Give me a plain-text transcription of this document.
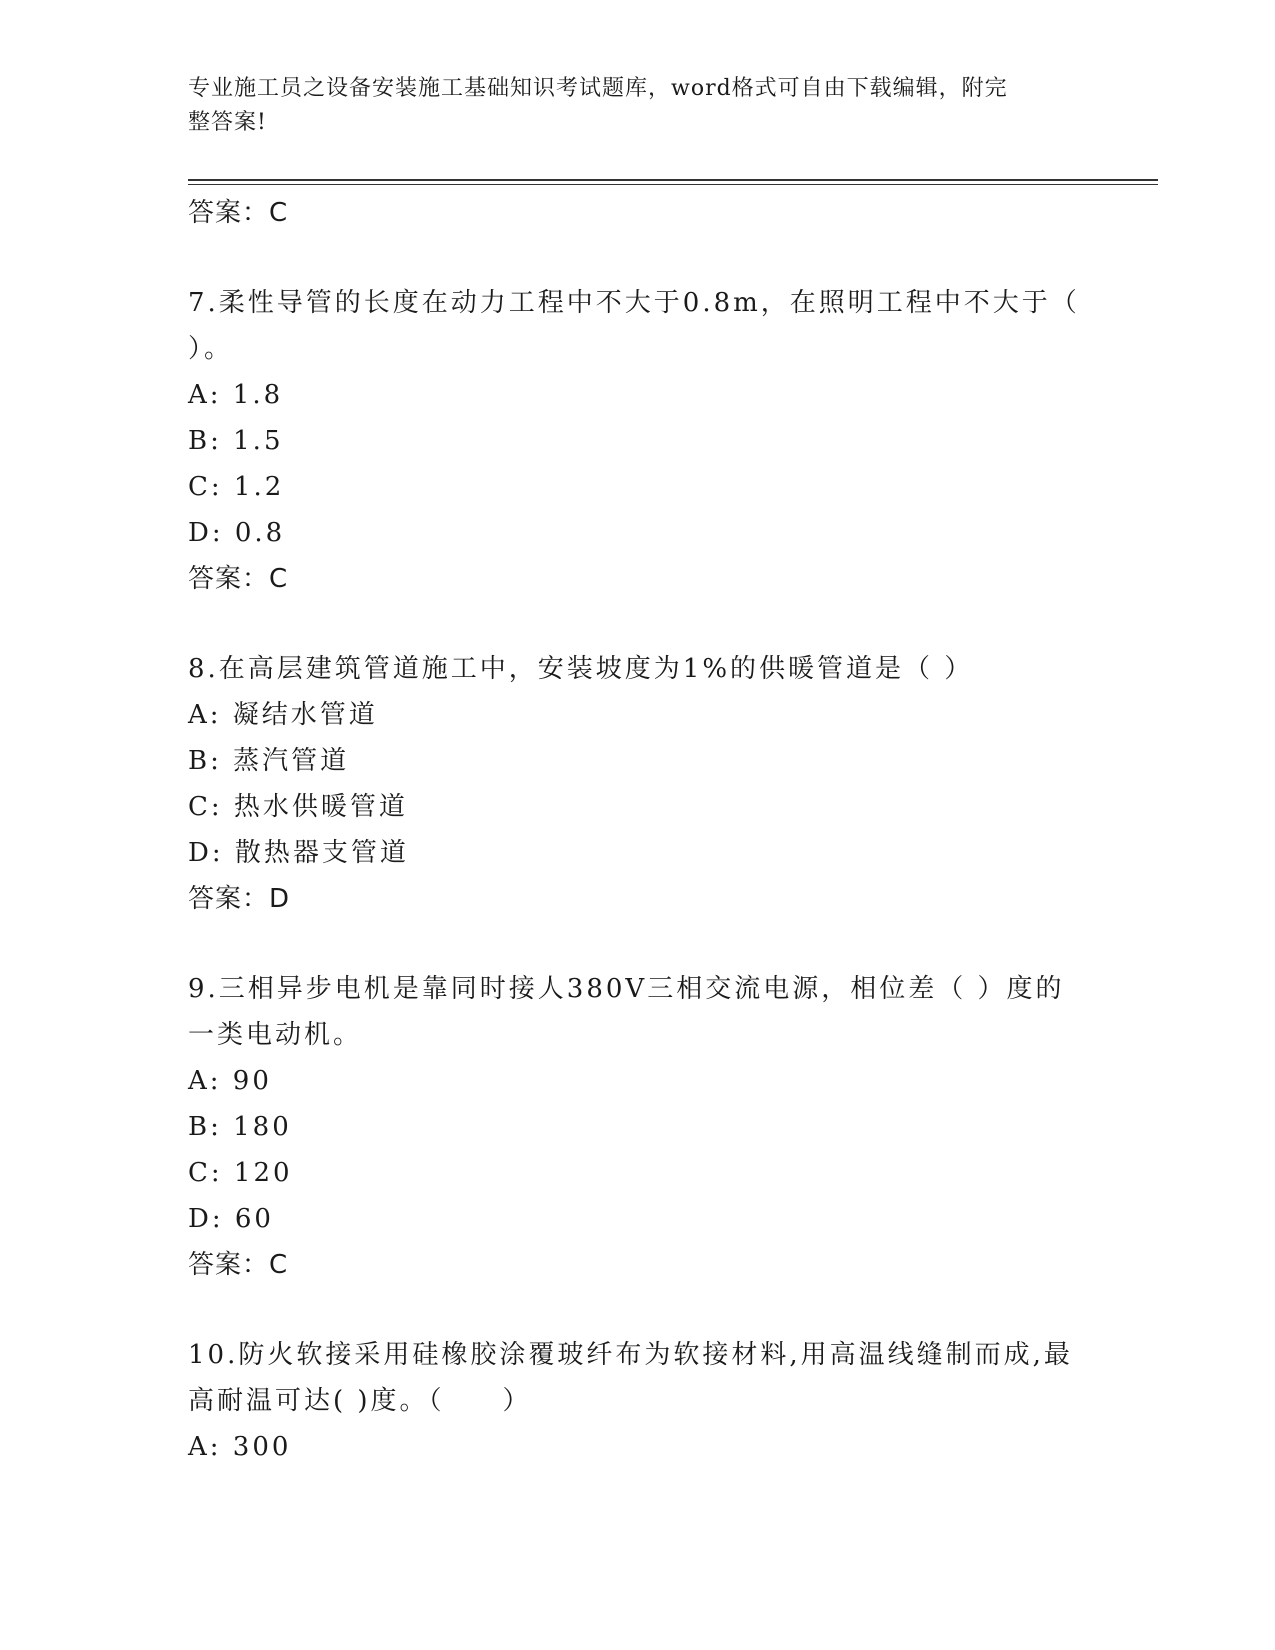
专业施工员之设备安装施工基础知识考试题库，word格式可自由下载编辑，附完
整答案!
答案：C
7.柔性导管的长度在动力工程中不大于0.8m，在照明工程中不大于（
）。
A: 1.8
B: 1.5
C: 1.2
D: 0.8
答案：C
8.在高层建筑管道施工中，安装坡度为1%的供暖管道是（ ）
A: 凝结水管道
B: 蒸汽管道
C: 热水供暖管道
D: 散热器支管道
答案：D
9.三相异步电机是靠同时接人380V三相交流电源，相位差（ ）度的
一类电动机。
A: 90
B: 180
C: 120
D: 60
答案：C
10.防火软接采用硅橡胶涂覆玻纤布为软接材料,用高温线缝制而成,最
高耐温可达( )度。（　　）
A: 300
